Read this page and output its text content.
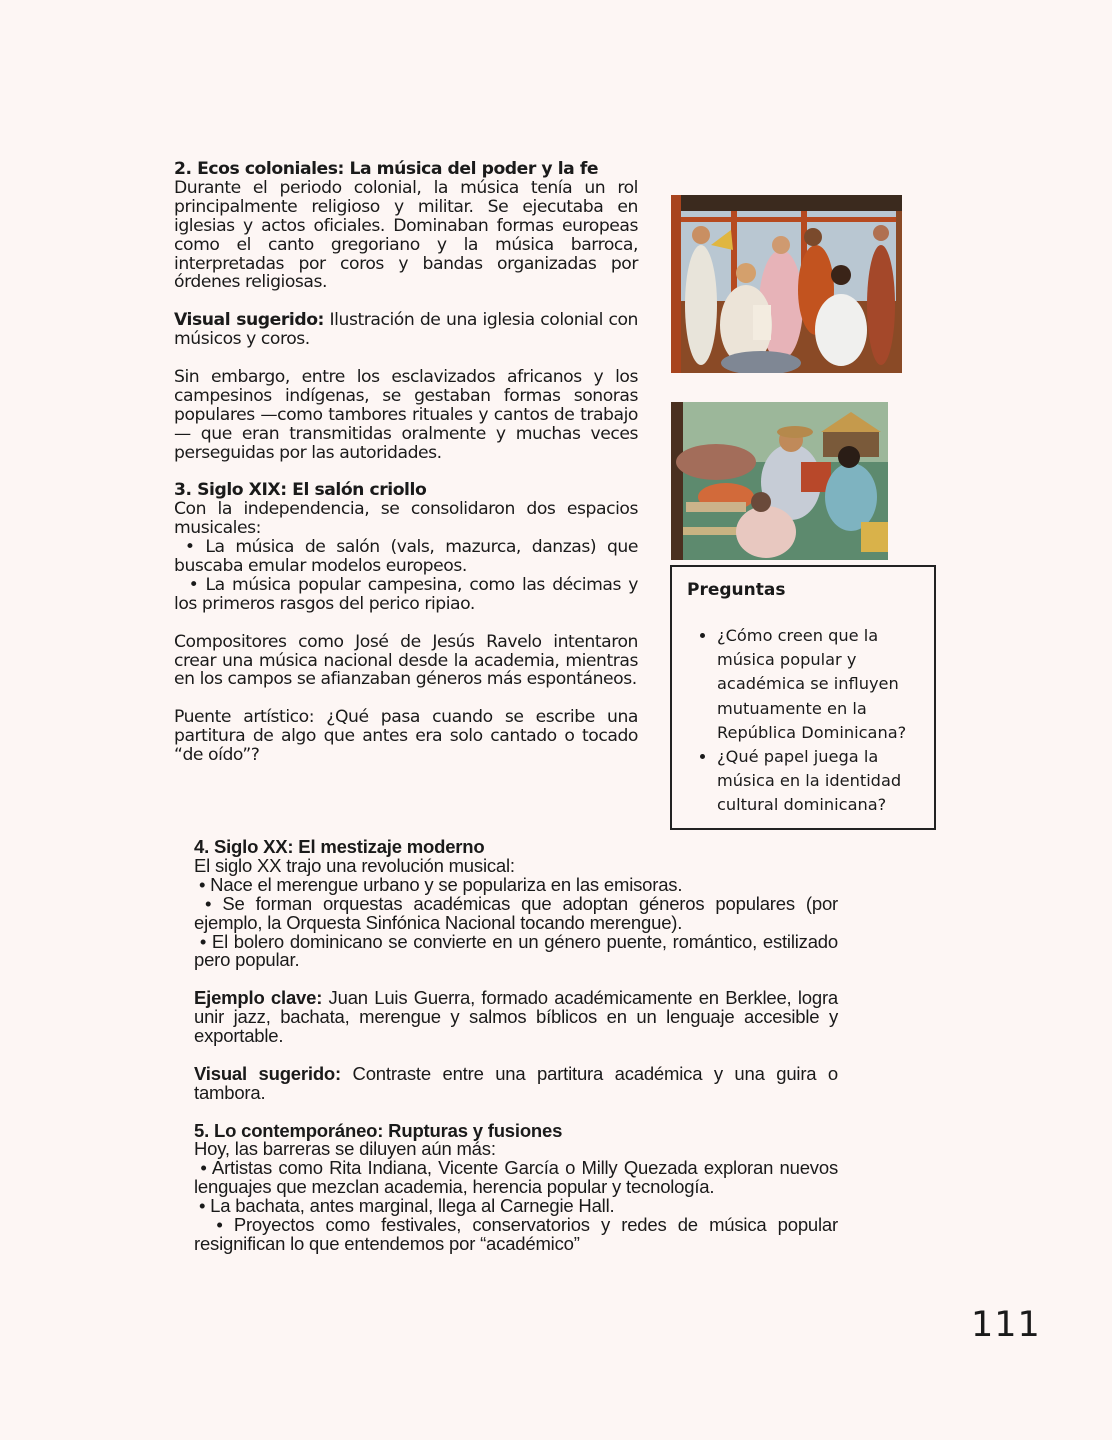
2. Ecos coloniales: La música del poder y la fe

Durante el periodo colonial, la música tenía un rol principalmente religioso y militar. Se ejecutaba en iglesias y actos oficiales. Dominaban formas europeas como el canto gregoriano y la música barroca, interpretadas por coros y bandas organizadas por órdenes religiosas.

Visual sugerido: Ilustración de una iglesia colonial con músicos y coros.

Sin embargo, entre los esclavizados africanos y los campesinos indígenas, se gestaban formas sonoras populares —como tambores rituales y cantos de trabajo— que eran transmitidas oralmente y muchas veces perseguidas por las autoridades.

3. Siglo XIX: El salón criollo

Con la independencia, se consolidaron dos espacios musicales:

• La música de salón (vals, mazurca, danzas) que buscaba emular modelos europeos.

• La música popular campesina, como las décimas y los primeros rasgos del perico ripiao.

Compositores como José de Jesús Ravelo intentaron crear una música nacional desde la academia, mientras en los campos se afianzaban géneros más espontáneos.

Puente artístico: ¿Qué pasa cuando se escribe una partitura de algo que antes era solo cantado o tocado “de oído”?

Preguntas
• ¿Cómo creen que la música popular y académica se influyen mutuamente en la República Dominicana?
• ¿Qué papel juega la música en la identidad cultural dominicana?
4. Siglo XX: El mestizaje moderno

El siglo XX trajo una revolución musical:

• Nace el merengue urbano y se populariza en las emisoras.

• Se forman orquestas académicas que adoptan géneros populares (por ejemplo, la Orquesta Sinfónica Nacional tocando merengue).

• El bolero dominicano se convierte en un género puente, romántico, estilizado pero popular.

Ejemplo clave: Juan Luis Guerra, formado académicamente en Berklee, logra unir jazz, bachata, merengue y salmos bíblicos en un lenguaje accesible y exportable.

Visual sugerido: Contraste entre una partitura académica y una guira o tambora.

5. Lo contemporáneo: Rupturas y fusiones

Hoy, las barreras se diluyen aún más:

• Artistas como Rita Indiana, Vicente García o Milly Quezada exploran nuevos lenguajes que mezclan academia, herencia popular y tecnología.

• La bachata, antes marginal, llega al Carnegie Hall.

• Proyectos como festivales, conservatorios y redes de música popular resignifican lo que entendemos por “académico”

111
